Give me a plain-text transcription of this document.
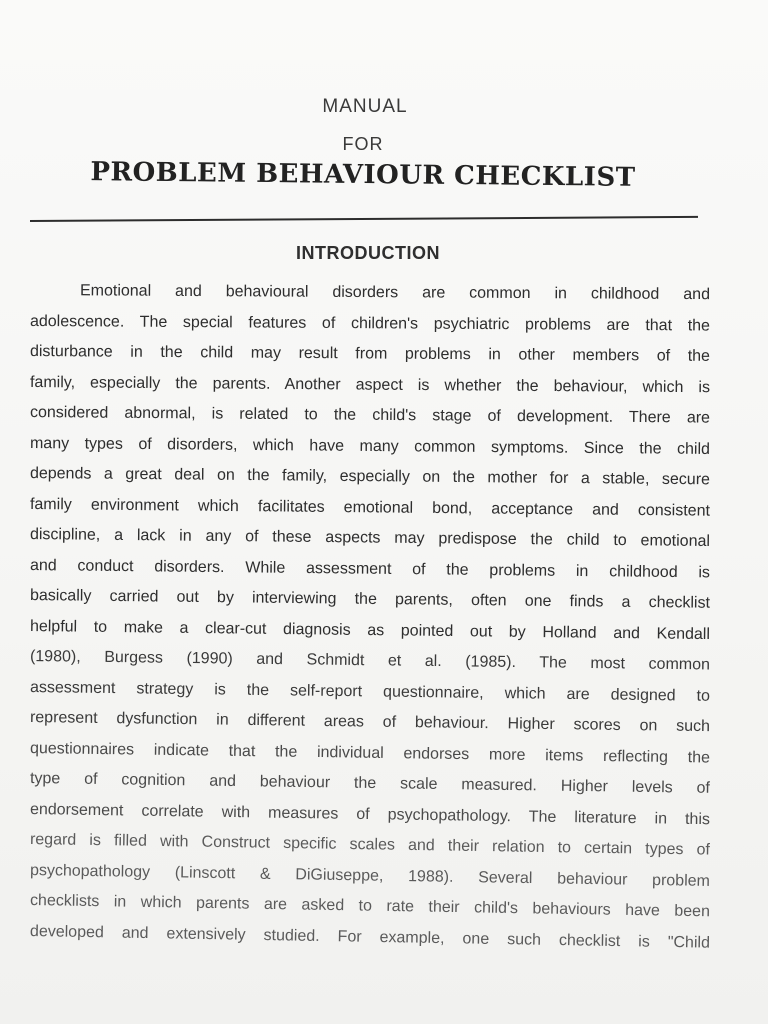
MANUAL
FOR
PROBLEM BEHAVIOUR CHECKLIST
INTRODUCTION
Emotional and behavioural disorders are common in childhood and
adolescence. The special features of children's psychiatric problems are that the
disturbance in the child may result from problems in other members of the
family, especially the parents. Another aspect is whether the behaviour, which is
considered abnormal, is related to the child's stage of development. There are
many types of disorders, which have many common symptoms. Since the child
depends a great deal on the family, especially on the mother for a stable, secure
family environment which facilitates emotional bond, acceptance and consistent
discipline, a lack in any of these aspects may predispose the child to emotional
and conduct disorders. While assessment of the problems in childhood is
basically carried out by interviewing the parents, often one finds a checklist
helpful to make a clear-cut diagnosis as pointed out by Holland and Kendall
(1980), Burgess (1990) and Schmidt et al. (1985). The most common
assessment strategy is the self-report questionnaire, which are designed to
represent dysfunction in different areas of behaviour. Higher scores on such
questionnaires indicate that the individual endorses more items reflecting the
type of cognition and behaviour the scale measured. Higher levels of
endorsement correlate with measures of psychopathology. The literature in this
regard is filled with Construct specific scales and their relation to certain types of
psychopathology (Linscott & DiGiuseppe, 1988). Several behaviour problem
checklists in which parents are asked to rate their child's behaviours have been
developed and extensively studied. For example, one such checklist is "Child
